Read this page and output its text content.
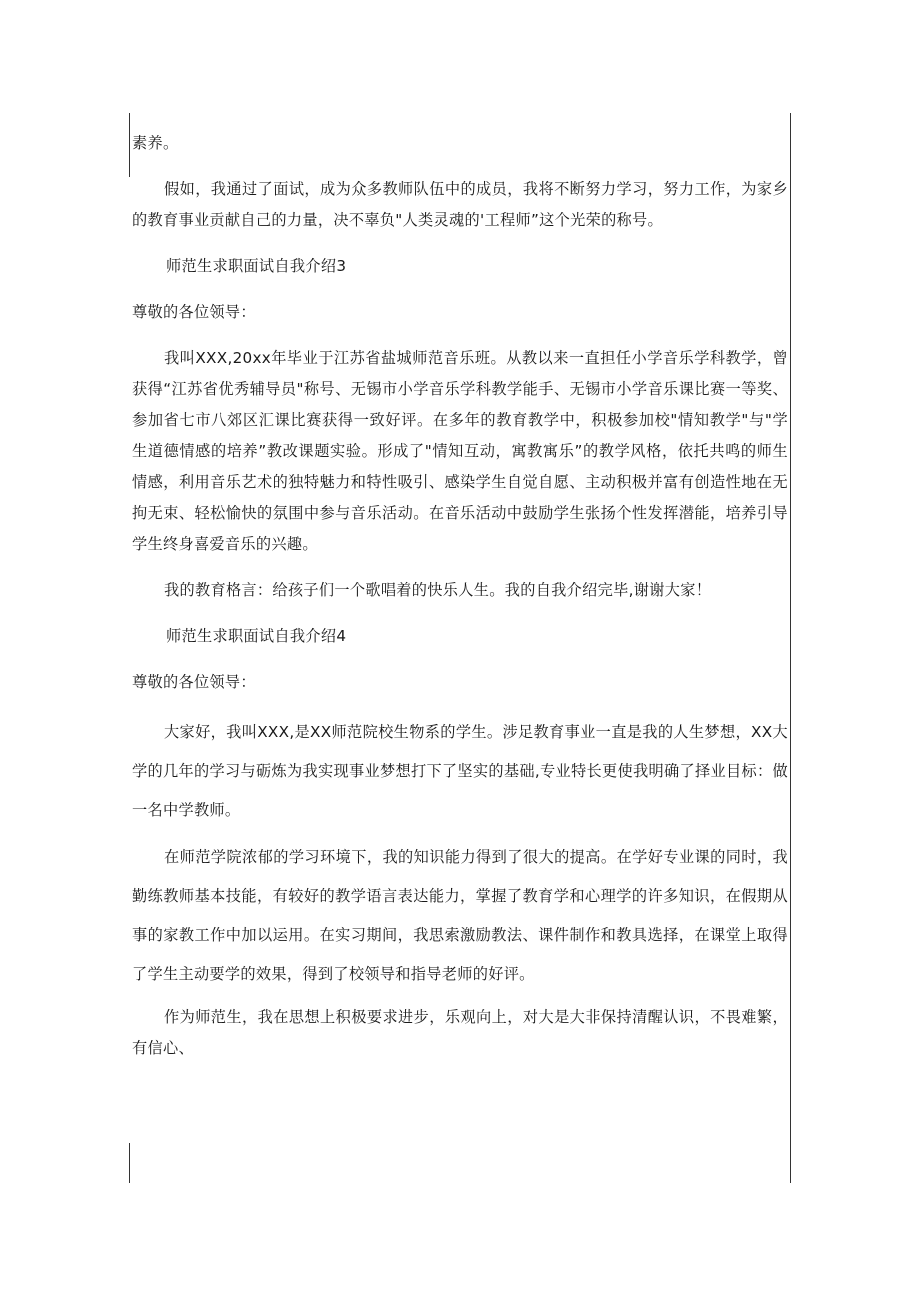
素养。

假如，我通过了面试，成为众多教师队伍中的成员，我将不断努力学习，努力工作，为家乡的教育事业贡献自己的力量，决不辜负"人类灵魂的'工程师”这个光荣的称号。

师范生求职面试自我介绍3

尊敬的各位领导：

我叫XXX,20xx年毕业于江苏省盐城师范音乐班。从教以来一直担任小学音乐学科教学，曾获得“江苏省优秀辅导员"称号、无锡市小学音乐学科教学能手、无锡市小学音乐课比赛一等奖、参加省七市八郊区汇课比赛获得一致好评。在多年的教育教学中，积极参加校"情知教学"与"学生道德情感的培养”教改课题实验。形成了"情知互动，寓教寓乐”的教学风格，依托共鸣的师生情感，利用音乐艺术的独特魅力和特性吸引、感染学生自觉自愿、主动积极并富有创造性地在无拘无束、轻松愉快的氛围中参与音乐活动。在音乐活动中鼓励学生张扬个性发挥潜能，培养引导学生终身喜爱音乐的兴趣。

我的教育格言：给孩子们一个歌唱着的快乐人生。我的自我介绍完毕,谢谢大家！

师范生求职面试自我介绍4

尊敬的各位领导：

大家好，我叫XXX,是XX师范院校生物系的学生。涉足教育事业一直是我的人生梦想，XX大学的几年的学习与砺炼为我实现事业梦想打下了坚实的基础,专业特长更使我明确了择业目标：做一名中学教师。

在师范学院浓郁的学习环境下，我的知识能力得到了很大的提高。在学好专业课的同时，我勤练教师基本技能，有较好的教学语言表达能力，掌握了教育学和心理学的许多知识，在假期从事的家教工作中加以运用。在实习期间，我思索激励教法、课件制作和教具选择，在课堂上取得了学生主动要学的效果，得到了校领导和指导老师的好评。

作为师范生，我在思想上积极要求进步，乐观向上，对大是大非保持清醒认识，不畏难繁，有信心、
